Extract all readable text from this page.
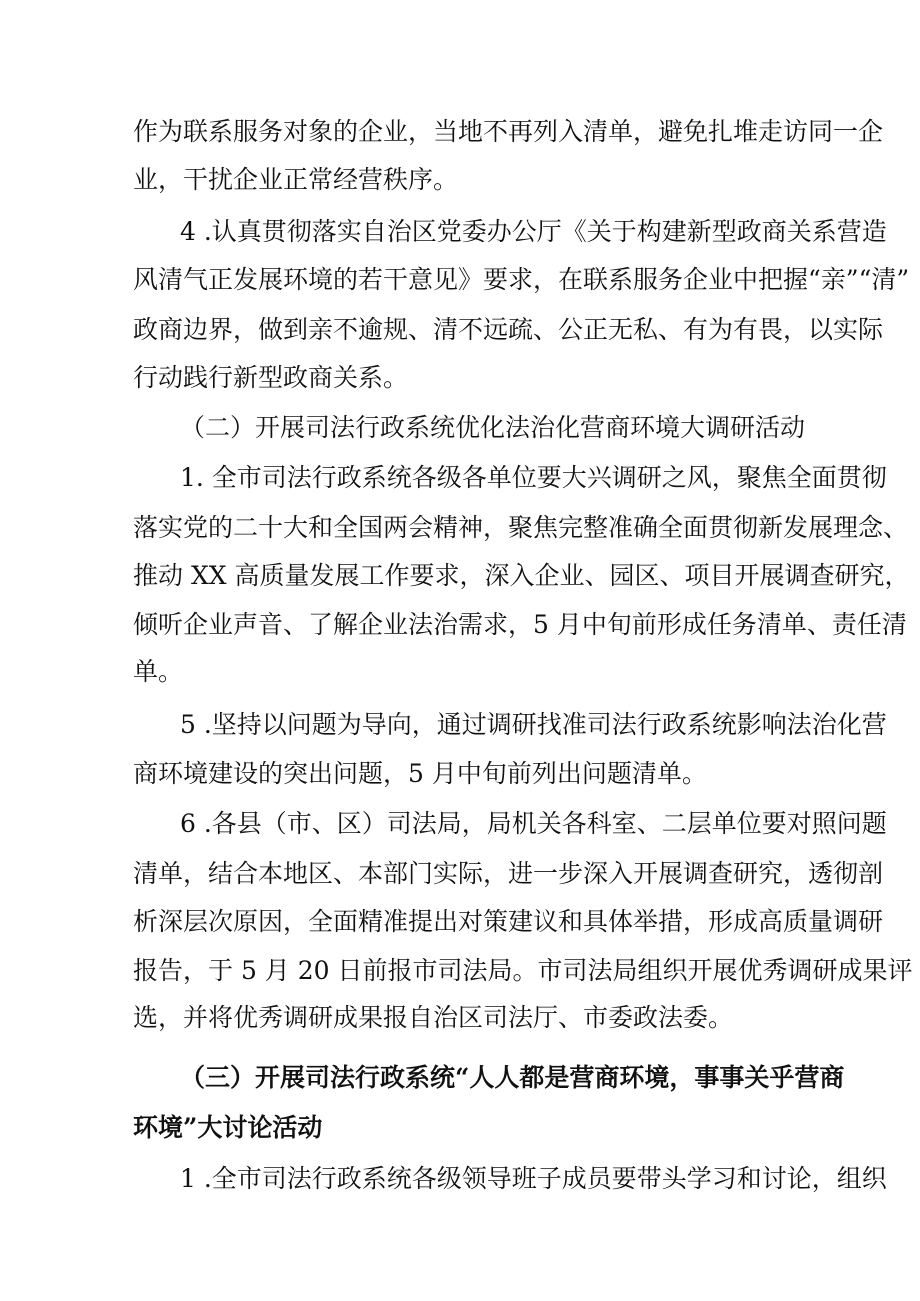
作为联系服务对象的企业，当地不再列入清单，避免扎堆走访同一企

业，干扰企业正常经营秩序。

4 .认真贯彻落实自治区党委办公厅《关于构建新型政商关系营造

风清气正发展环境的若干意见》要求，在联系服务企业中把握“亲”“清”

政商边界，做到亲不逾规、清不远疏、公正无私、有为有畏，以实际

行动践行新型政商关系。

（二）开展司法行政系统优化法治化营商环境大调研活动

1. 全市司法行政系统各级各单位要大兴调研之风，聚焦全面贯彻

落实党的二十大和全国两会精神，聚焦完整准确全面贯彻新发展理念、

推动 XX 高质量发展工作要求，深入企业、园区、项目开展调查研究，

倾听企业声音、了解企业法治需求，5 月中旬前形成任务清单、责任清

单。

5 .坚持以问题为导向，通过调研找准司法行政系统影响法治化营

商环境建设的突出问题，5 月中旬前列出问题清单。

6 .各县（市、区）司法局，局机关各科室、二层单位要对照问题

清单，结合本地区、本部门实际，进一步深入开展调查研究，透彻剖

析深层次原因，全面精准提出对策建议和具体举措，形成高质量调研

报告，于 5 月 20 日前报市司法局。市司法局组织开展优秀调研成果评

选，并将优秀调研成果报自治区司法厅、市委政法委。

（三）开展司法行政系统“人人都是营商环境，事事关乎营商

环境”大讨论活动

1 .全市司法行政系统各级领导班子成员要带头学习和讨论，组织
